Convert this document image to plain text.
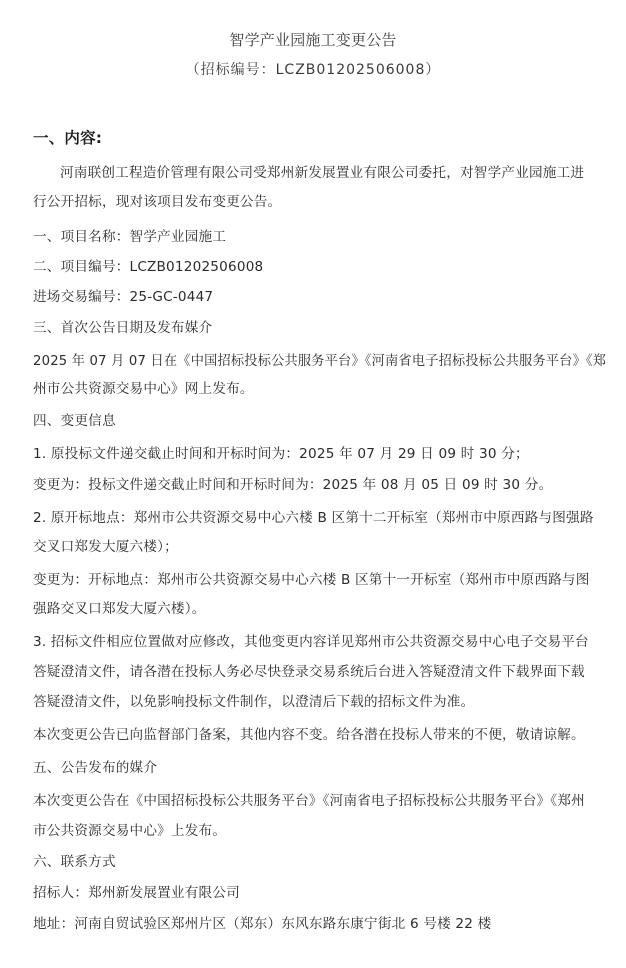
智学产业园施工变更公告
（招标编号：LCZB01202506008）
一、内容:
河南联创工程造价管理有限公司受郑州新发展置业有限公司委托，对智学产业园施工进
行公开招标，现对该项目发布变更公告。
一、项目名称：智学产业园施工
二、项目编号：LCZB01202506008
进场交易编号：25-GC-0447
三、首次公告日期及发布媒介
2025 年 07 月 07 日在《中国招标投标公共服务平台》《河南省电子招标投标公共服务平台》《郑
州市公共资源交易中心》网上发布。
四、变更信息
1. 原投标文件递交截止时间和开标时间为：2025 年 07 月 29 日 09 时 30 分；
变更为：投标文件递交截止时间和开标时间为：2025 年 08 月 05 日 09 时 30 分。
2. 原开标地点：郑州市公共资源交易中心六楼 B 区第十二开标室（郑州市中原西路与图强路
交叉口郑发大厦六楼）；
变更为：开标地点：郑州市公共资源交易中心六楼 B 区第十一开标室（郑州市中原西路与图
强路交叉口郑发大厦六楼）。
3. 招标文件相应位置做对应修改，其他变更内容详见郑州市公共资源交易中心电子交易平台
答疑澄清文件，请各潜在投标人务必尽快登录交易系统后台进入答疑澄清文件下载界面下载
答疑澄清文件，以免影响投标文件制作，以澄清后下载的招标文件为准。
本次变更公告已向监督部门备案，其他内容不变。给各潜在投标人带来的不便，敬请谅解。
五、公告发布的媒介
本次变更公告在《中国招标投标公共服务平台》《河南省电子招标投标公共服务平台》《郑州
市公共资源交易中心》上发布。
六、联系方式
招标人：郑州新发展置业有限公司
地址：河南自贸试验区郑州片区（郑东）东风东路东康宁街北 6 号楼 22 楼
